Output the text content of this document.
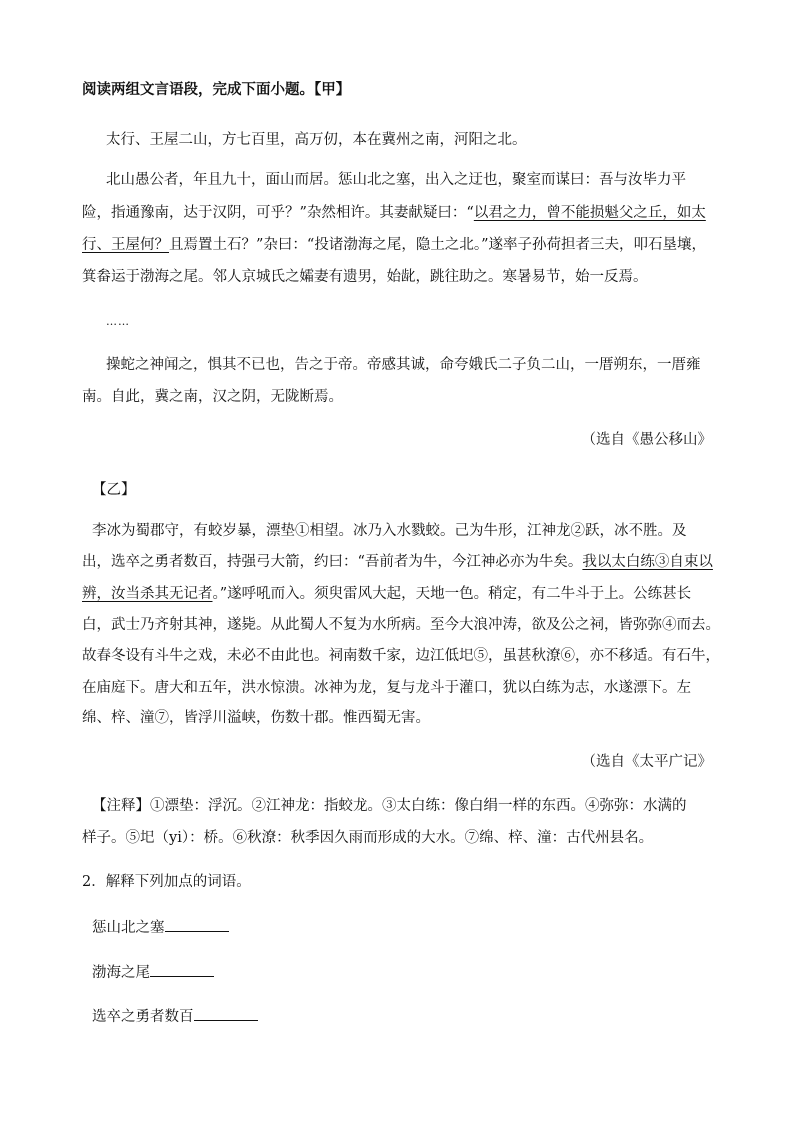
阅读两组文言语段，完成下面小题。【甲】
太行、王屋二山，方七百里，高万仞，本在冀州之南，河阳之北。
北山愚公者，年且九十，面山而居。惩山北之塞，出入之迂也，聚室而谋曰：吾与汝毕力平
险，指通豫南，达于汉阴，可乎？”杂然相许。其妻献疑曰：“以君之力，曾不能损魁父之丘，如太
行、王屋何？且焉置土石？”杂曰：“投诸渤海之尾，隐土之北。”遂率子孙荷担者三夫，叩石垦壤，
箕畚运于渤海之尾。邻人京城氏之孀妻有遗男，始龀，跳往助之。寒暑易节，始一反焉。
……
操蛇之神闻之，惧其不已也，告之于帝。帝感其诚，命夸娥氏二子负二山，一厝朔东，一厝雍
南。自此，冀之南，汉之阴，无陇断焉。
（选自《愚公移山》
【乙】
李冰为蜀郡守，有蛟岁暴，漂垫①相望。冰乃入水戮蛟。己为牛形，江神龙②跃，冰不胜。及
出，选卒之勇者数百，持强弓大箭，约曰：“吾前者为牛，今江神必亦为牛矣。我以太白练③自束以
辨，汝当杀其无记者。”遂呼吼而入。须臾雷风大起，天地一色。稍定，有二牛斗于上。公练甚长
白，武士乃齐射其神，遂毙。从此蜀人不复为水所病。至今大浪冲涛，欲及公之祠，皆弥弥④而去。
故春冬设有斗牛之戏，未必不由此也。祠南数千家，边江低圯⑤，虽甚秋潦⑥，亦不移适。有石牛，
在庙庭下。唐大和五年，洪水惊溃。冰神为龙，复与龙斗于灌口，犹以白练为志，水遂漂下。左
绵、梓、潼⑦，皆浮川溢峡，伤数十郡。惟西蜀无害。
（选自《太平广记》
【注释】①漂垫：浮沉。②江神龙：指蛟龙。③太白练：像白绢一样的东西。④弥弥：水满的
样子。⑤圯（yi）：桥。⑥秋潦：秋季因久雨而形成的大水。⑦绵、梓、潼：古代州县名。
2．解释下列加点的词语。
惩山北之塞
渤海之尾
选卒之勇者数百
